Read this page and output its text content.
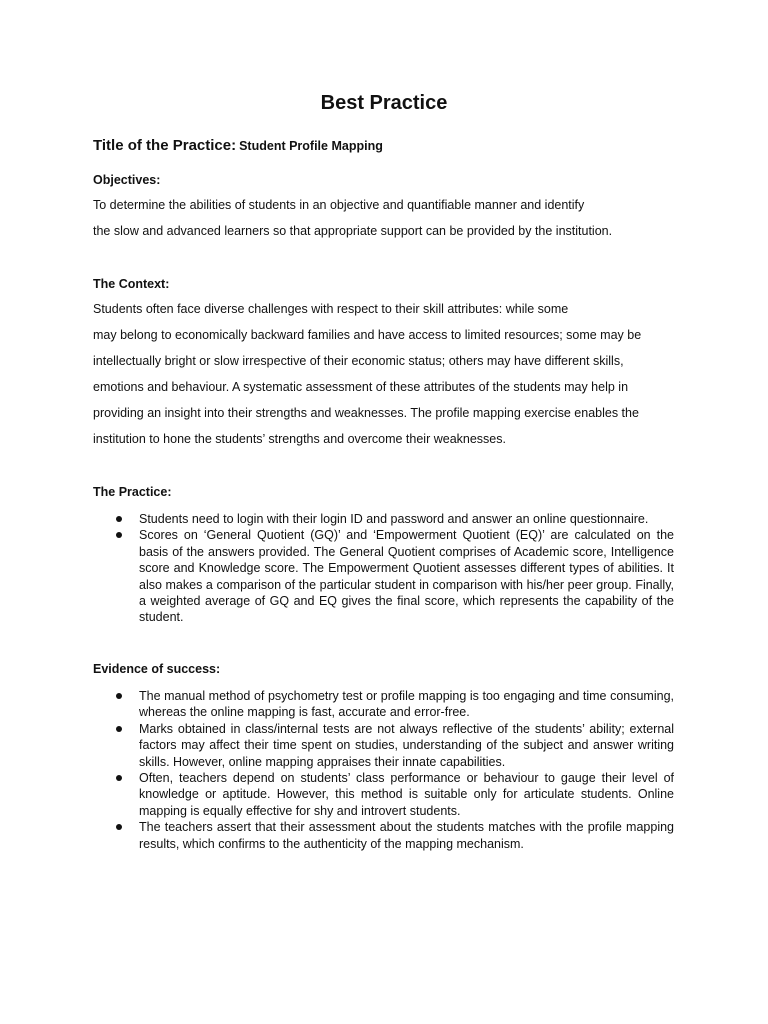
Best Practice

Title of the Practice: Student Profile Mapping

Objectives:

To determine the abilities of students in an objective and quantifiable manner and identify

the slow and advanced learners so that appropriate support can be provided by the institution.

The Context:

Students often face diverse challenges with respect to their skill attributes: while some

may belong to economically backward families and have access to limited resources; some may be

intellectually bright or slow irrespective of their economic status; others may have different skills,

emotions and behaviour. A systematic assessment of these attributes of the students may help in

providing an insight into their strengths and weaknesses. The profile mapping exercise enables the

institution to hone the students’ strengths and overcome their weaknesses.

The Practice:

Students need to login with their login ID and password and answer an online questionnaire.
Scores on ‘General Quotient (GQ)’ and ‘Empowerment Quotient (EQ)’ are calculated on the basis of the answers provided. The General Quotient comprises of Academic score, Intelligence score and Knowledge score. The Empowerment Quotient assesses different types of abilities. It also makes a comparison of the particular student in comparison with his/her peer group. Finally, a weighted average of GQ and EQ gives the final score, which represents the capability of the student.

Evidence of success:

The manual method of psychometry test or profile mapping is too engaging and time consuming, whereas the online mapping is fast, accurate and error-free.
Marks obtained in class/internal tests are not always reflective of the students’ ability; external factors may affect their time spent on studies, understanding of the subject and answer writing skills. However, online mapping appraises their innate capabilities.
Often, teachers depend on students’ class performance or behaviour to gauge their level of knowledge or aptitude. However, this method is suitable only for articulate students. Online mapping is equally effective for shy and introvert students.
The teachers assert that their assessment about the students matches with the profile mapping results, which confirms to the authenticity of the mapping mechanism.
